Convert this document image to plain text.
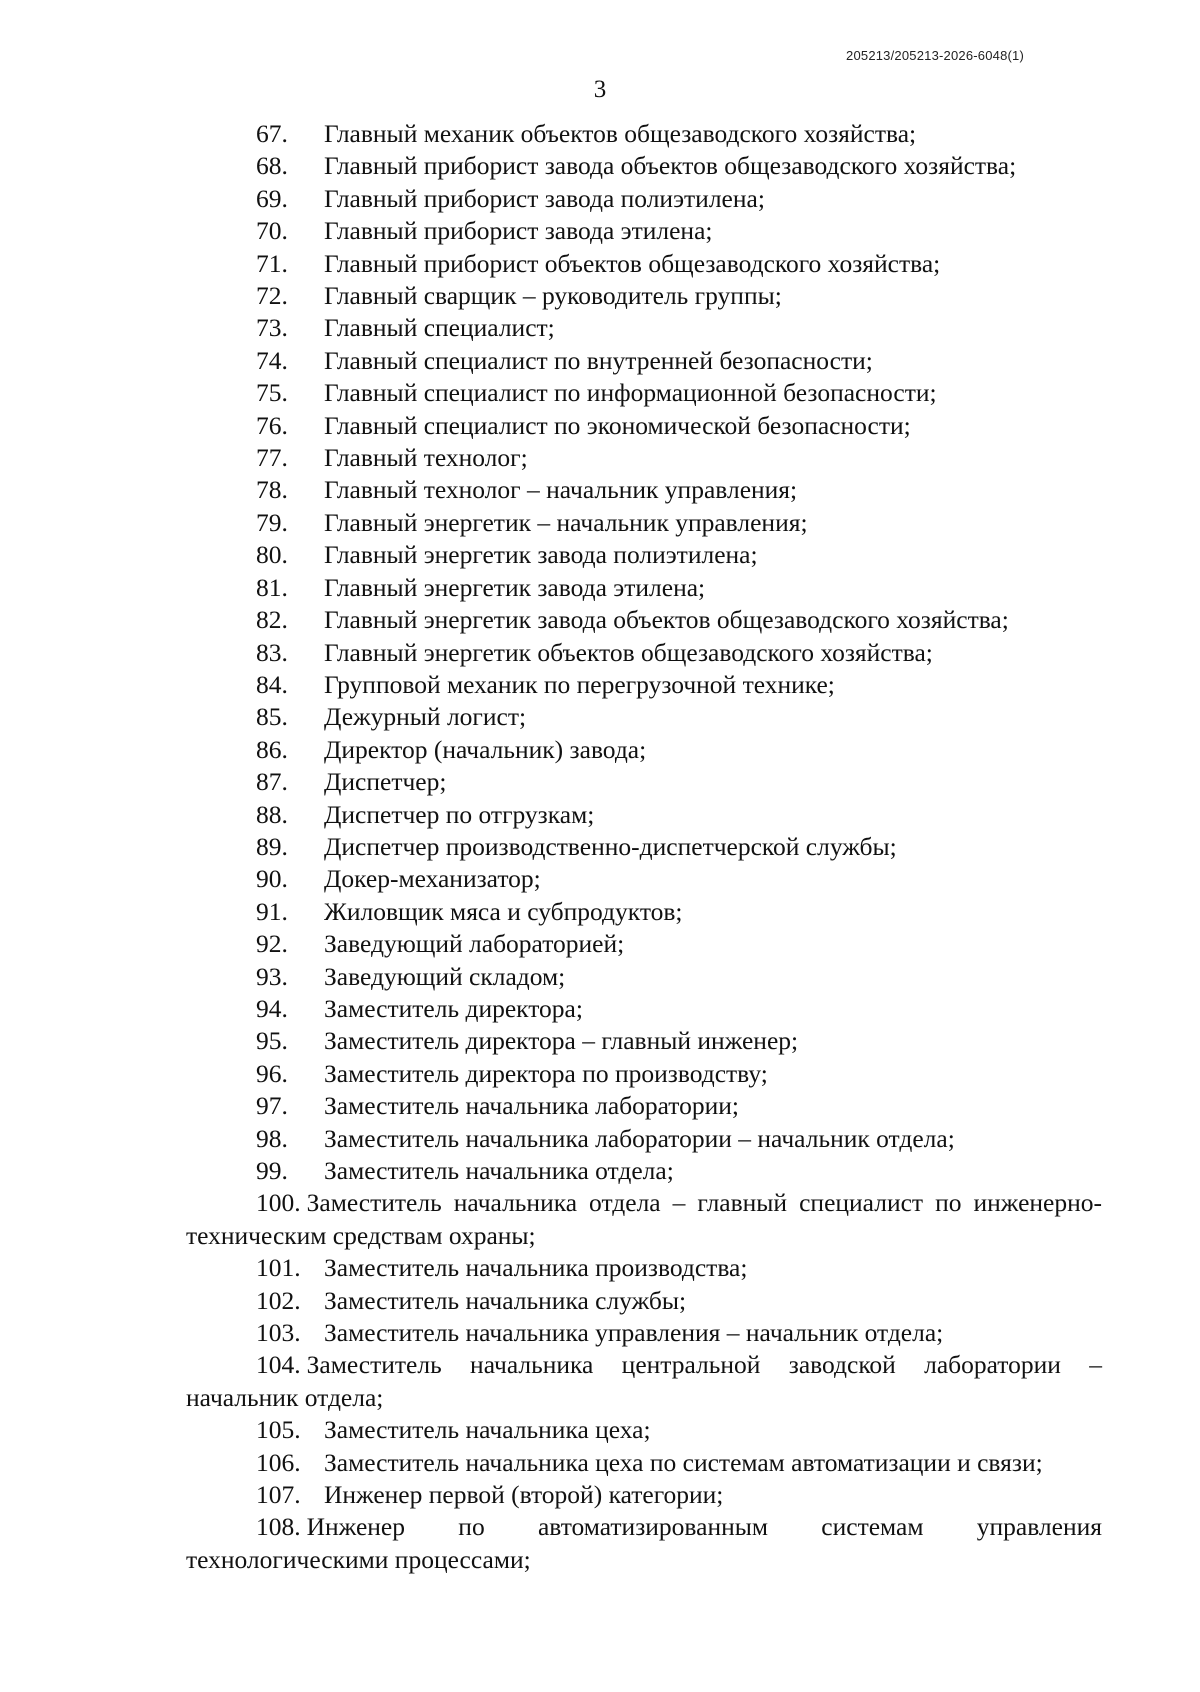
205213/205213-2026-6048(1)
3
67. Главный механик объектов общезаводского хозяйства;
68. Главный приборист завода объектов общезаводского хозяйства;
69. Главный приборист завода полиэтилена;
70. Главный приборист завода этилена;
71. Главный приборист объектов общезаводского хозяйства;
72. Главный сварщик – руководитель группы;
73. Главный специалист;
74. Главный специалист по внутренней безопасности;
75. Главный специалист по информационной безопасности;
76. Главный специалист по экономической безопасности;
77. Главный технолог;
78. Главный технолог – начальник управления;
79. Главный энергетик – начальник управления;
80. Главный энергетик завода полиэтилена;
81. Главный энергетик завода этилена;
82. Главный энергетик завода объектов общезаводского хозяйства;
83. Главный энергетик объектов общезаводского хозяйства;
84. Групповой механик по перегрузочной технике;
85. Дежурный логист;
86. Директор (начальник) завода;
87. Диспетчер;
88. Диспетчер по отгрузкам;
89. Диспетчер производственно-диспетчерской службы;
90. Докер-механизатор;
91. Жиловщик мяса и субпродуктов;
92. Заведующий лабораторией;
93. Заведующий складом;
94. Заместитель директора;
95. Заместитель директора – главный инженер;
96. Заместитель директора по производству;
97. Заместитель начальника лаборатории;
98. Заместитель начальника лаборатории – начальник отдела;
99. Заместитель начальника отдела;
100. Заместитель начальника отдела – главный специалист по инженерно-техническим средствам охраны;
101. Заместитель начальника производства;
102. Заместитель начальника службы;
103. Заместитель начальника управления – начальник отдела;
104. Заместитель начальника центральной заводской лаборатории – начальник отдела;
105. Заместитель начальника цеха;
106. Заместитель начальника цеха по системам автоматизации и связи;
107. Инженер первой (второй) категории;
108. Инженер по автоматизированным системам управления технологическими процессами;
